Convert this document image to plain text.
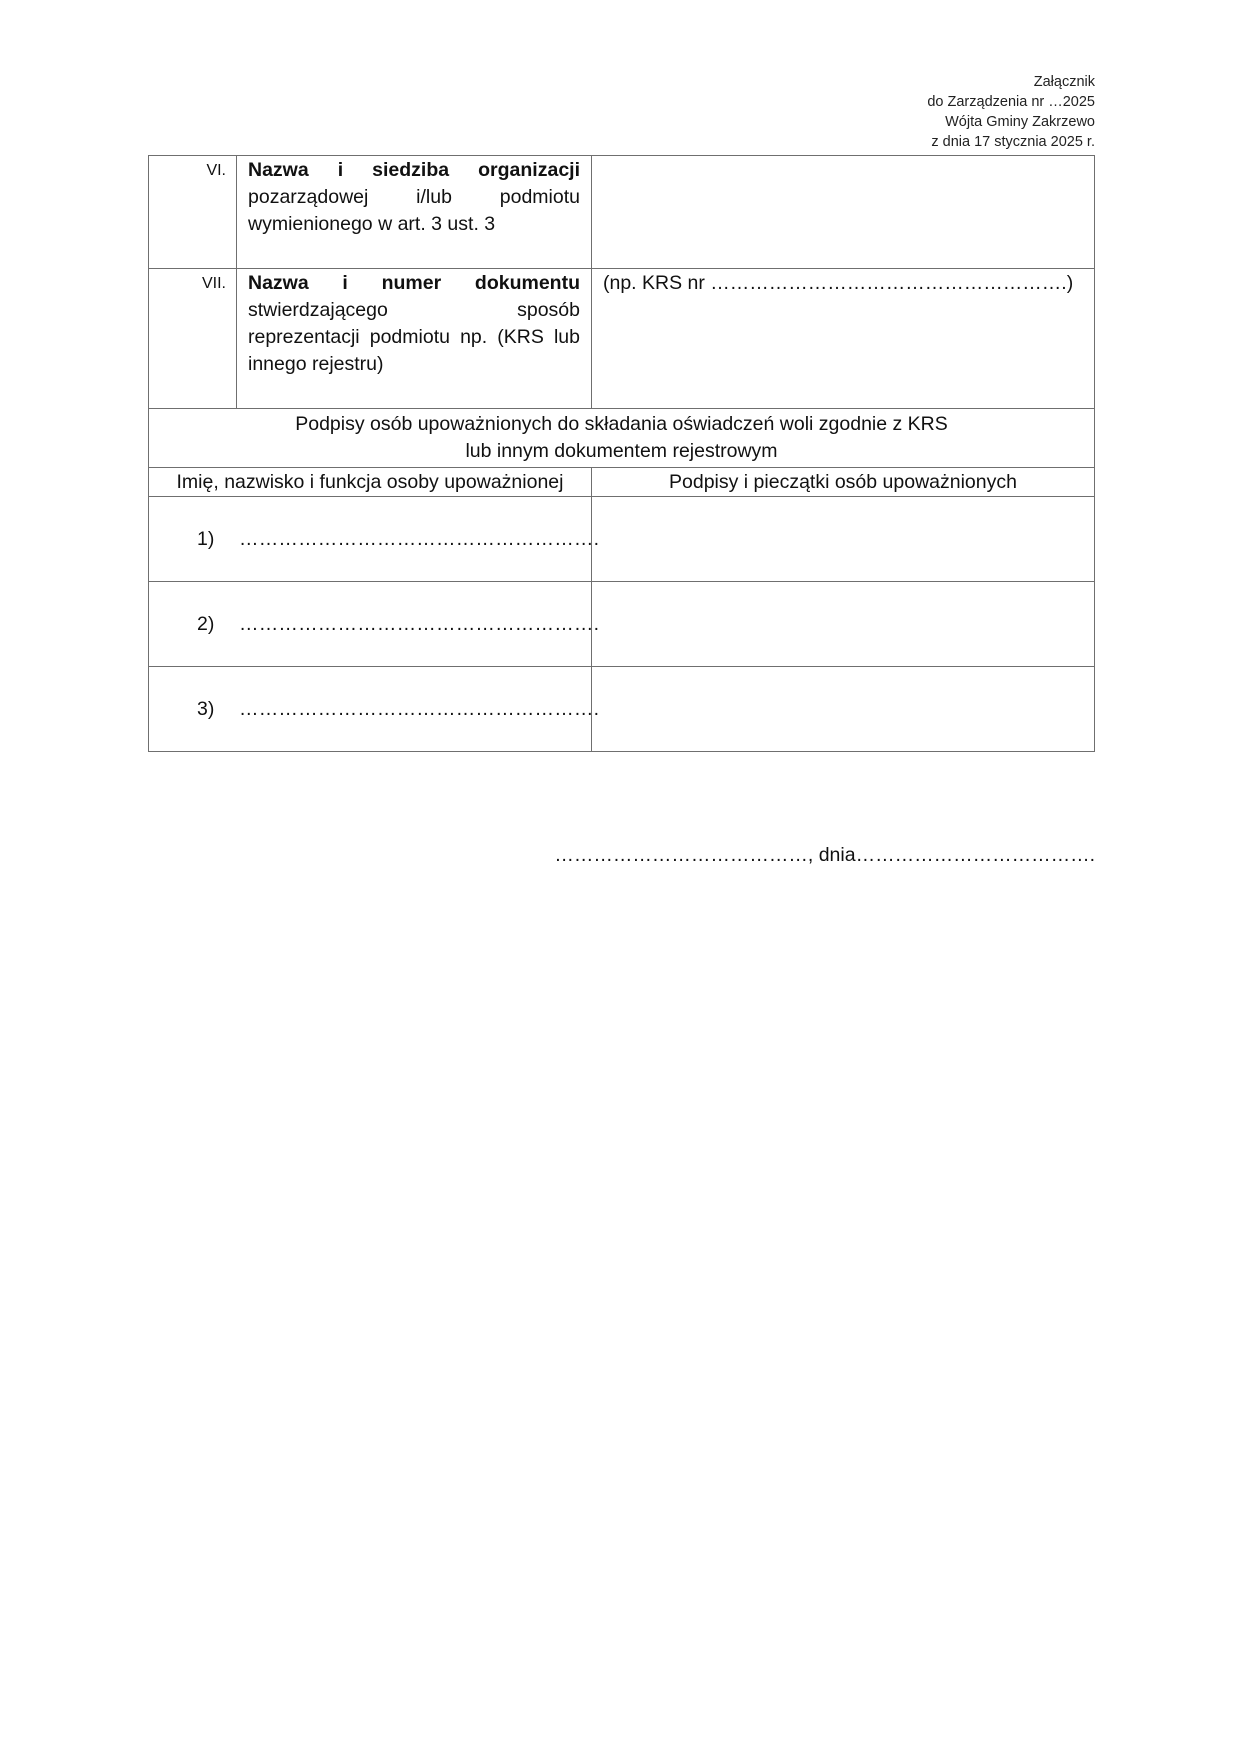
Załącznik
do Zarządzenia nr …2025
Wójta Gminy Zakrzewo
z dnia 17 stycznia 2025 r.
VI.	Nazwa i siedziba organizacji
pozarządowej i/lub podmiotu
wymienionego w art. 3 ust. 3	

VII.	Nazwa i numer dokumentu
stwierdzającego sposób
reprezentacji podmiotu np. (KRS lub
innego rejestru)	(np. KRS nr ……………………………………………….)

Podpisy osób upoważnionych do składania oświadczeń woli zgodnie z KRS
lub innym dokumentem rejestrowym		

Imię, nazwisko i funkcja osoby upoważnionej		Podpisy i pieczątki osób upoważnionych
1) ……………………………………………….		
2) ……………………………………………….		
3) ……………………………………………….		
…………………………………, dnia……………………………….
